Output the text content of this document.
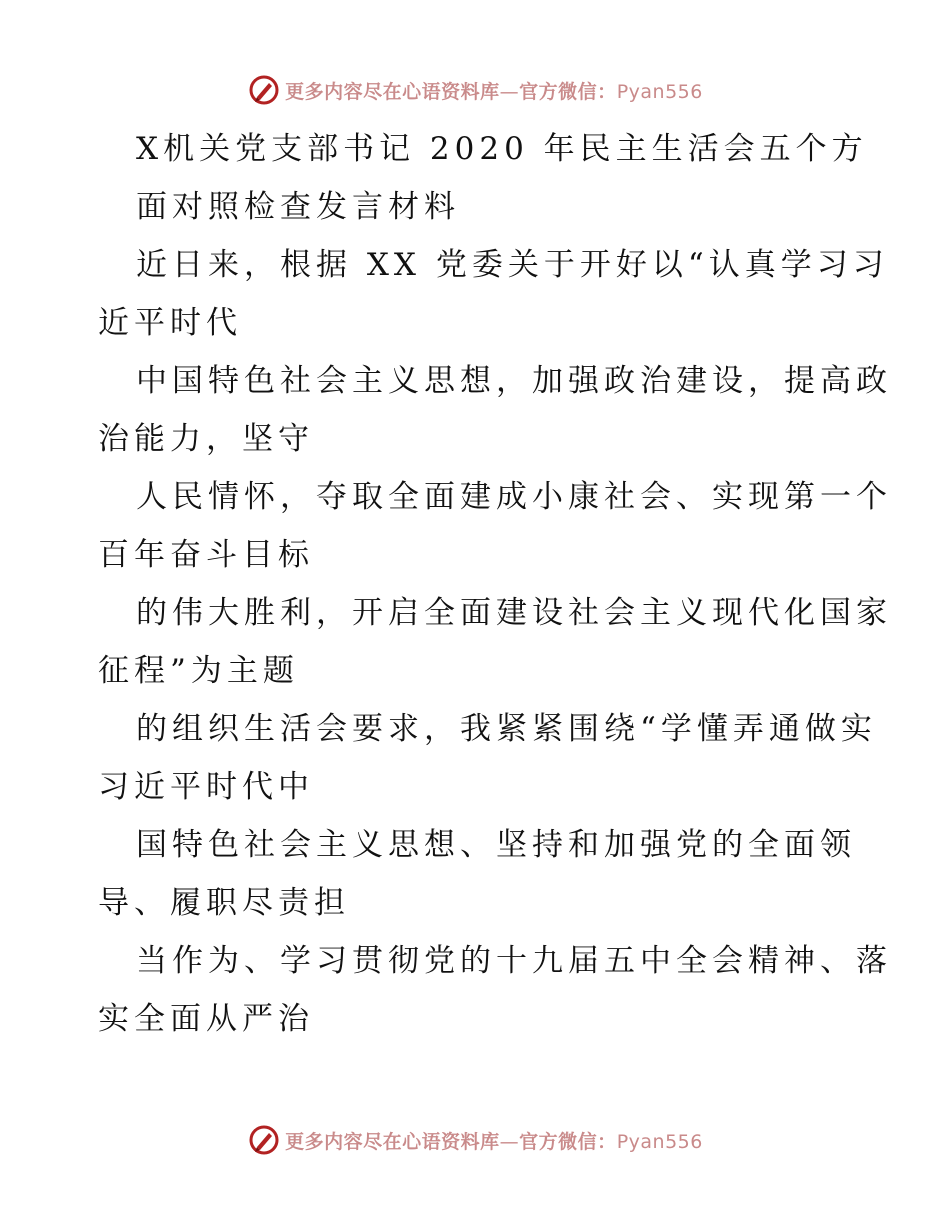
更多内容尽在心语资料库—官方微信：Pyan556
X机关党支部书记 2020 年民主生活会五个方
面对照检查发言材料
近日来，根据 XX 党委关于开好以“认真学习习
近平时代
中国特色社会主义思想，加强政治建设，提高政
治能力，坚守
人民情怀，夺取全面建成小康社会、实现第一个
百年奋斗目标
的伟大胜利，开启全面建设社会主义现代化国家
征程”为主题
的组织生活会要求，我紧紧围绕“学懂弄通做实
习近平时代中
国特色社会主义思想、坚持和加强党的全面领
导、履职尽责担
当作为、学习贯彻党的十九届五中全会精神、落
实全面从严治
更多内容尽在心语资料库—官方微信：Pyan556
